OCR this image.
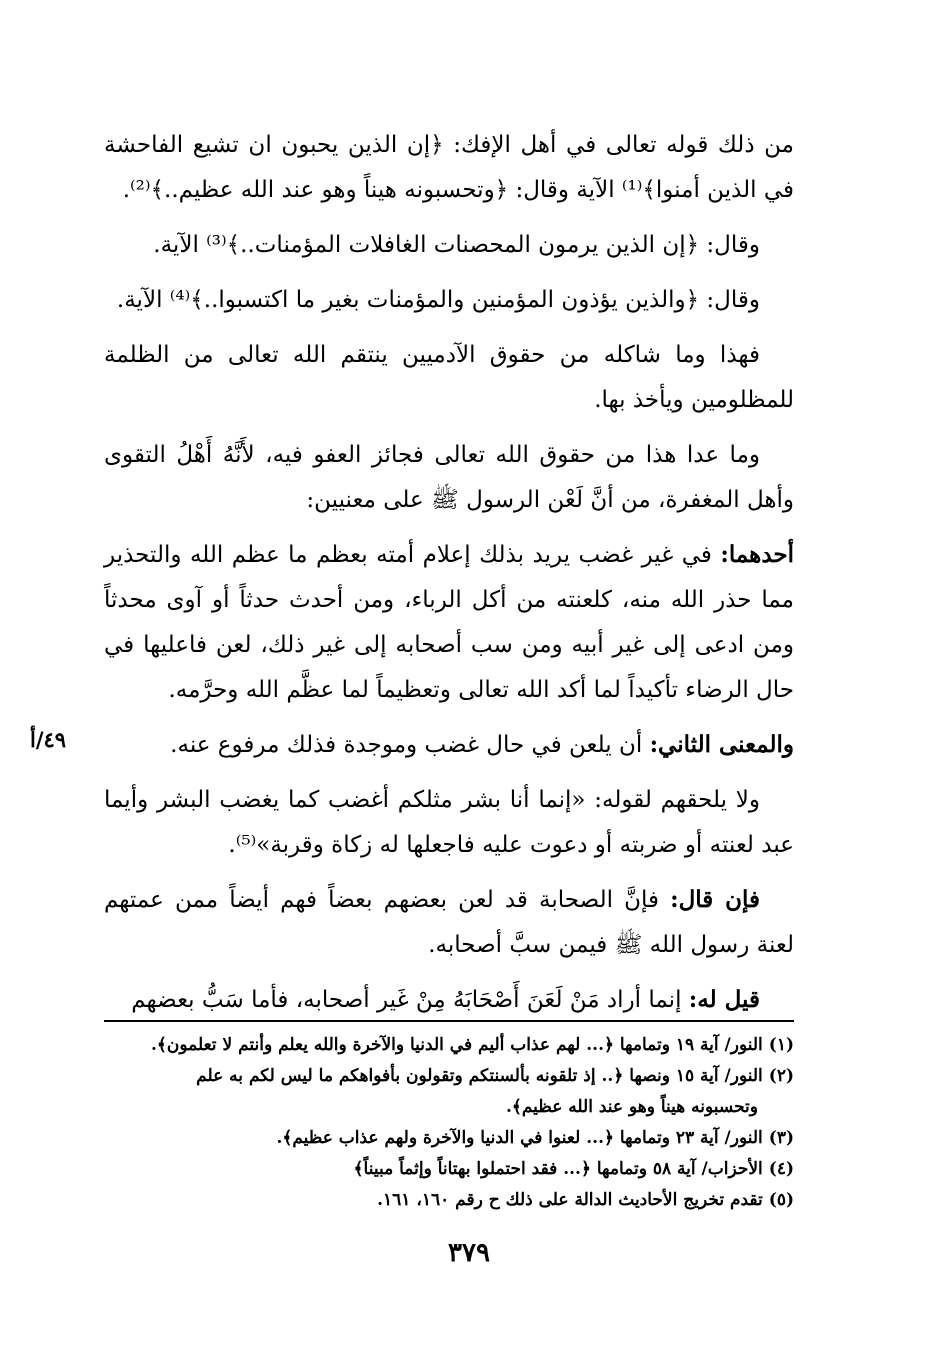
من ذلك قوله تعالى في أهل الإفك: ﴿إن الذين يحبون ان تشيع الفاحشة في الذين أمنوا﴾⁽¹⁾ الآية وقال: ﴿وتحسبونه هيناً وهو عند الله عظيم..﴾⁽²⁾.

وقال: ﴿إن الذين يرمون المحصنات الغافلات المؤمنات..﴾⁽³⁾ الآية.

وقال: ﴿والذين يؤذون المؤمنين والمؤمنات بغير ما اكتسبوا..﴾⁽⁴⁾ الآية.

فهذا وما شاكله من حقوق الآدميين ينتقم الله تعالى من الظلمة للمظلومين ويأخذ بها.

وما عدا هذا من حقوق الله تعالى فجائز العفو فيه، لأَنَّهُ أَهْلُ التقوى وأهل المغفرة، من أنَّ لَعْن الرسول ﷺ على معنيين:

أحدهما: في غير غضب يريد بذلك إعلام أمته بعظم ما عظم الله والتحذير مما حذر الله منه، كلعنته من أكل الرباء، ومن أحدث حدثاً أو آوى محدثاً ومن ادعى إلى غير أبيه ومن سب أصحابه إلى غير ذلك، لعن فاعليها في حال الرضاء تأكيداً لما أكد الله تعالى وتعظيماً لما عظَّم الله وحرَّمه.

والمعنى الثاني: أن يلعن في حال غضب وموجدة فذلك مرفوع عنه.

ولا يلحقهم لقوله: «إنما أنا بشر مثلكم أغضب كما يغضب البشر وأيما عبد لعنته أو ضربته أو دعوت عليه فاجعلها له زكاة وقربة»⁽⁵⁾.

فإن قال: فإنَّ الصحابة قد لعن بعضهم بعضاً فهم أيضاً ممن عمتهم لعنة رسول الله ﷺ فيمن سبَّ أصحابه.

قيل له: إنما أراد مَنْ لَعَنَ أَصْحَابَهُ مِنْ غَير أصحابه، فأما سَبُّ بعضهم

٤٩/أ

(١)النور/ آية ١٩ وتمامها ﴿... لهم عذاب أليم في الدنيا والآخرة والله يعلم وأنتم لا تعلمون﴾.

(٢)النور/ آية ١٥ ونصها ﴿.. إذ تلقونه بألسنتكم وتقولون بأفواهكم ما ليس لكم به علم
وتحسبونه هيناً وهو عند الله عظيم﴾.

(٣)النور/ آية ٢٣ وتمامها ﴿... لعنوا في الدنيا والآخرة ولهم عذاب عظيم﴾.

(٤)الأحزاب/ آية ٥٨ وتمامها ﴿... فقد احتملوا بهتاناً وإثماً مبيناً﴾

(٥)تقدم تخريج الأحاديث الدالة على ذلك ح رقم ١٦٠، ١٦١.

٣٧٩
